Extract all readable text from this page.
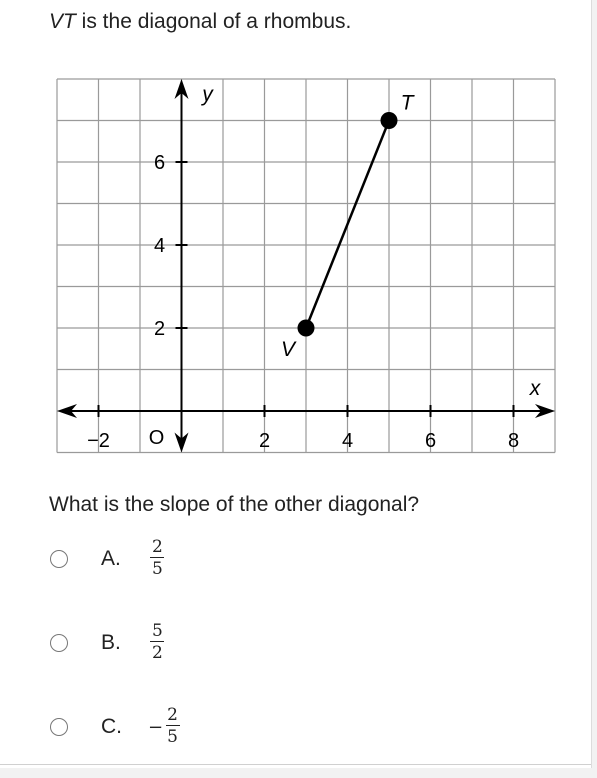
VT is the diagonal of a rhombus.
−2	2	4	6	8
2
4
6
O
x
y
V
T
What is the slope of the other diagonal?
A. $\frac{2}{5}$
B. $\frac{5}{2}$
C. − $\frac{2}{5}$
